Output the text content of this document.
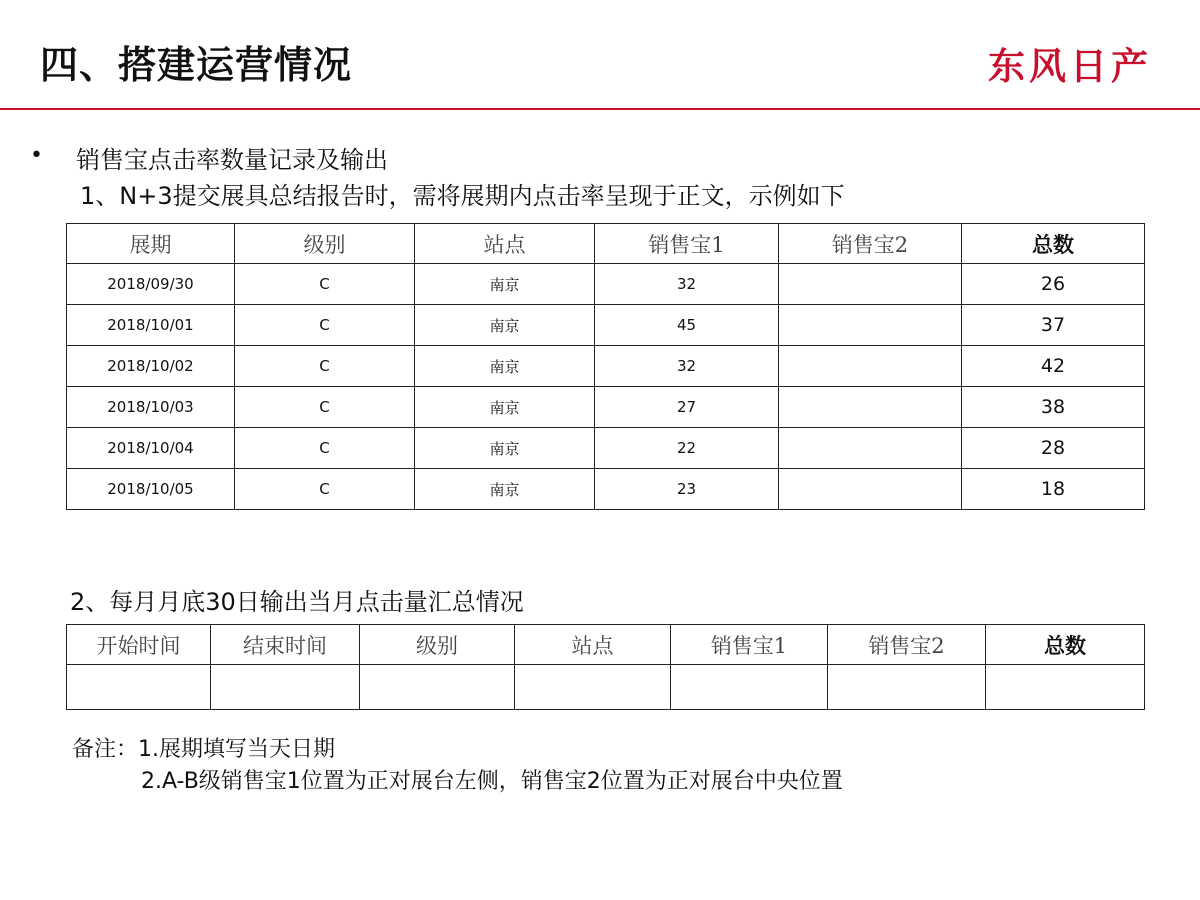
四、搭建运营情况	东风日产
• 销售宝点击率数量记录及输出
1、N+3提交展具总结报告时，需将展期内点击率呈现于正文，示例如下
展期	级别	站点	销售宝1	销售宝2	总数
2018/09/30	C	南京	32		26
2018/10/01	C	南京	45		37
2018/10/02	C	南京	32		42
2018/10/03	C	南京	27		38
2018/10/04	C	南京	22		28
2018/10/05	C	南京	23		18
2、每月月底30日输出当月点击量汇总情况
开始时间	结束时间	级别	站点	销售宝1	销售宝2	总数

备注：1.展期填写当天日期
2.A-B级销售宝1位置为正对展台左侧，销售宝2位置为正对展台中央位置
